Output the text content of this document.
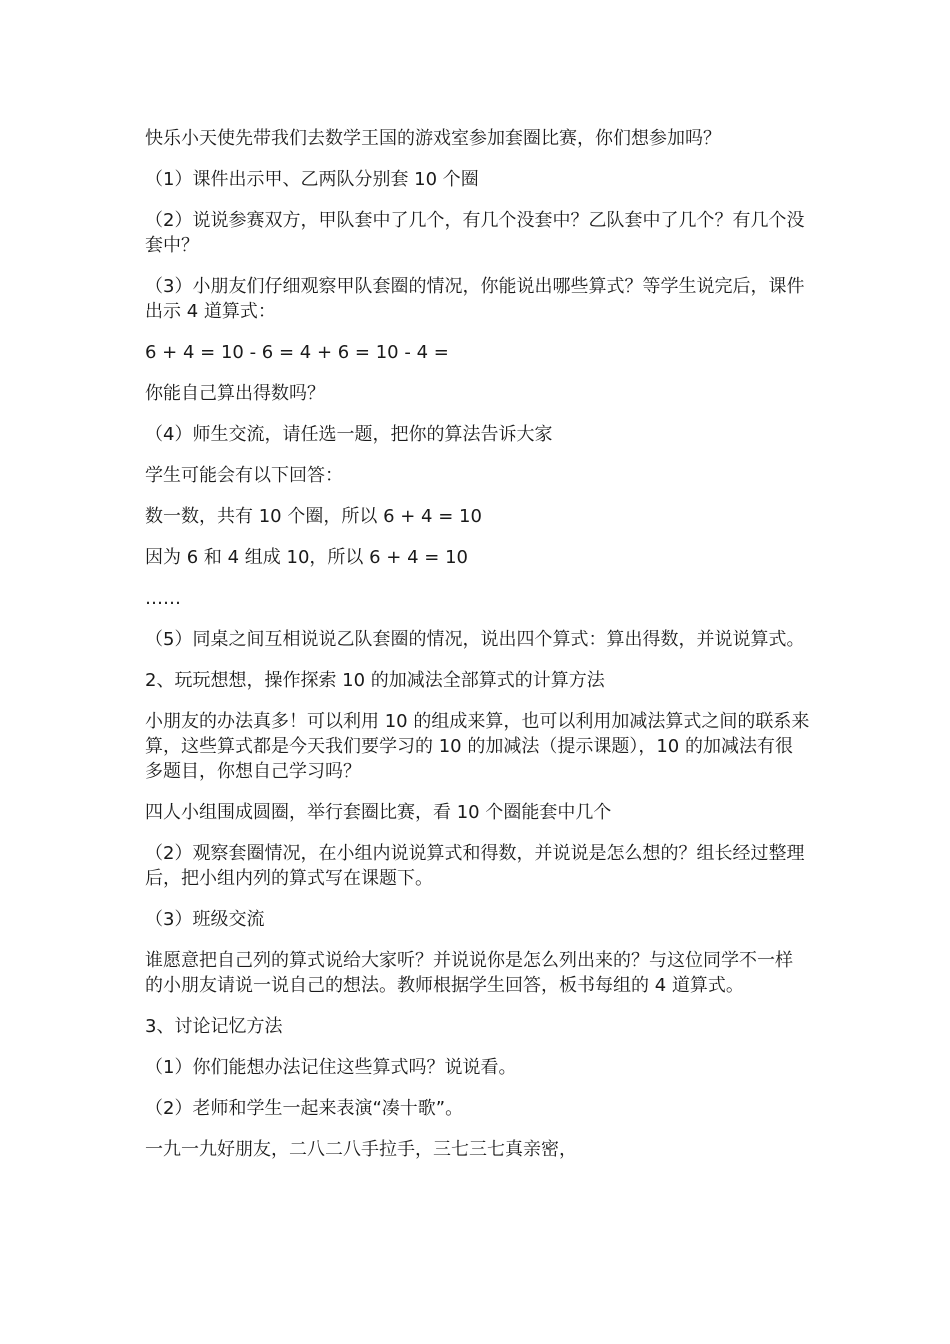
快乐小天使先带我们去数学王国的游戏室参加套圈比赛，你们想参加吗？

（1）课件出示甲、乙两队分别套 10 个圈

（2）说说参赛双方，甲队套中了几个，有几个没套中？乙队套中了几个？有几个没套中？

（3）小朋友们仔细观察甲队套圈的情况，你能说出哪些算式？等学生说完后，课件出示 4 道算式：

6 + 4 = 10 - 6 = 4 + 6 = 10 - 4 =

你能自己算出得数吗？

（4）师生交流，请任选一题，把你的算法告诉大家

学生可能会有以下回答：

数一数，共有 10 个圈，所以 6 + 4 = 10

因为 6 和 4 组成 10，所以 6 + 4 = 10

……

（5）同桌之间互相说说乙队套圈的情况，说出四个算式：算出得数，并说说算式。

2、玩玩想想，操作探索 10 的加减法全部算式的计算方法

小朋友的办法真多！可以利用 10 的组成来算，也可以利用加减法算式之间的联系来算，这些算式都是今天我们要学习的 10 的加减法（提示课题），10 的加减法有很多题目，你想自己学习吗？

四人小组围成圆圈，举行套圈比赛，看 10 个圈能套中几个

（2）观察套圈情况，在小组内说说算式和得数，并说说是怎么想的？组长经过整理后，把小组内列的算式写在课题下。

（3）班级交流

谁愿意把自己列的算式说给大家听？并说说你是怎么列出来的？与这位同学不一样的小朋友请说一说自己的想法。教师根据学生回答，板书每组的 4 道算式。

3、讨论记忆方法

（1）你们能想办法记住这些算式吗？说说看。

（2）老师和学生一起来表演“凑十歌”。

一九一九好朋友，二八二八手拉手，三七三七真亲密，
